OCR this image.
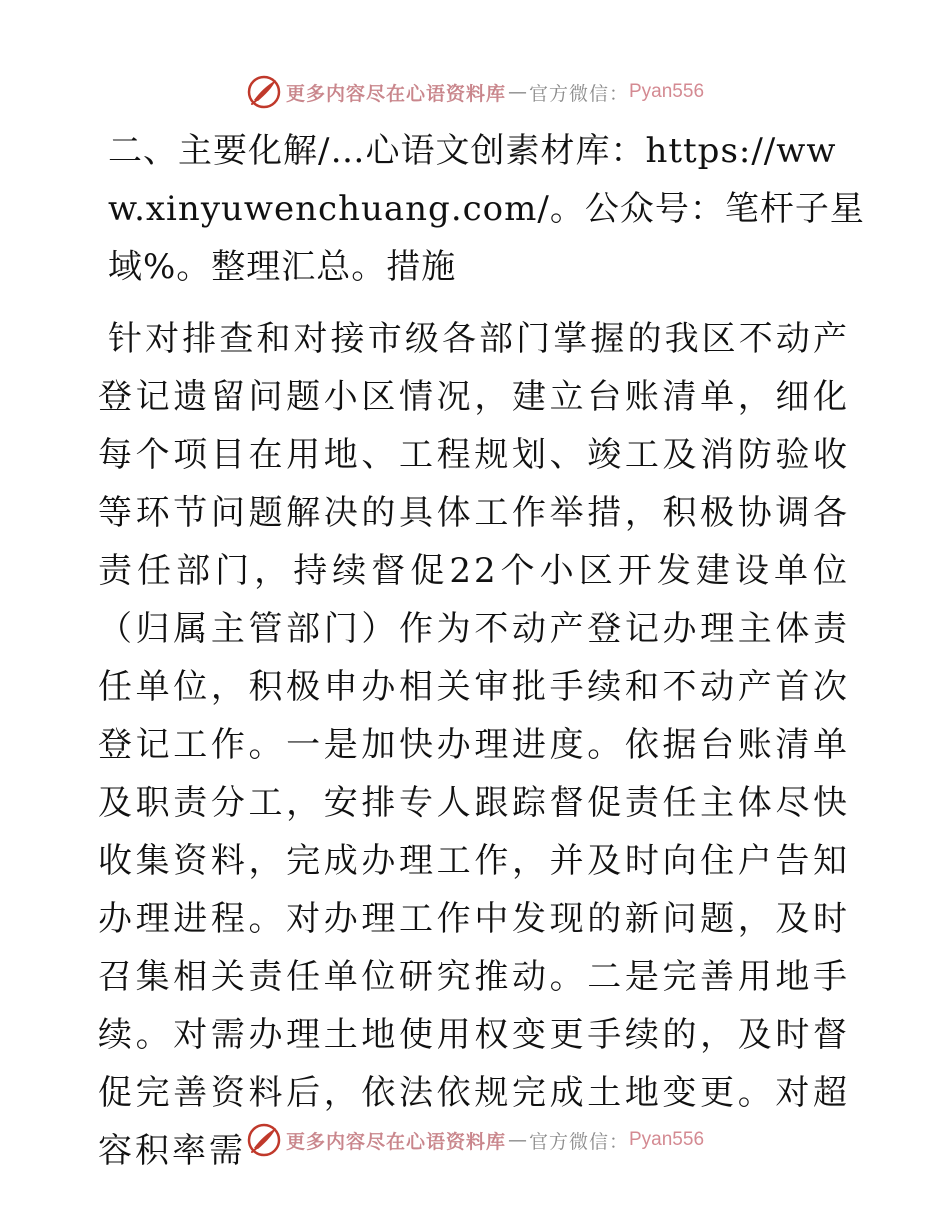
更多内容尽在心语资料库 — 官方微信： Pyan556
二、主要化解/…心语文创素材库：https://www.xinyuwenchuang.com/。公众号：笔杆子星域%。整理汇总。措施

针对排查和对接市级各部门掌握的我区不动产登记遗留问题小区情况，建立台账清单，细化每个项目在用地、工程规划、竣工及消防验收等环节问题解决的具体工作举措，积极协调各责任部门，持续督促22个小区开发建设单位（归属主管部门）作为不动产登记办理主体责任单位，积极申办相关审批手续和不动产首次登记工作。一是加快办理进度。依据台账清单及职责分工，安排专人跟踪督促责任主体尽快收集资料，完成办理工作，并及时向住户告知办理进程。对办理工作中发现的新问题，及时召集相关责任单位研究推动。二是完善用地手续。对需办理土地使用权变更手续的，及时督促完善资料后，依法依规完成土地变更。对超容积率需	更多内容尽在心语资料库 — 官方微信： Pyan556
